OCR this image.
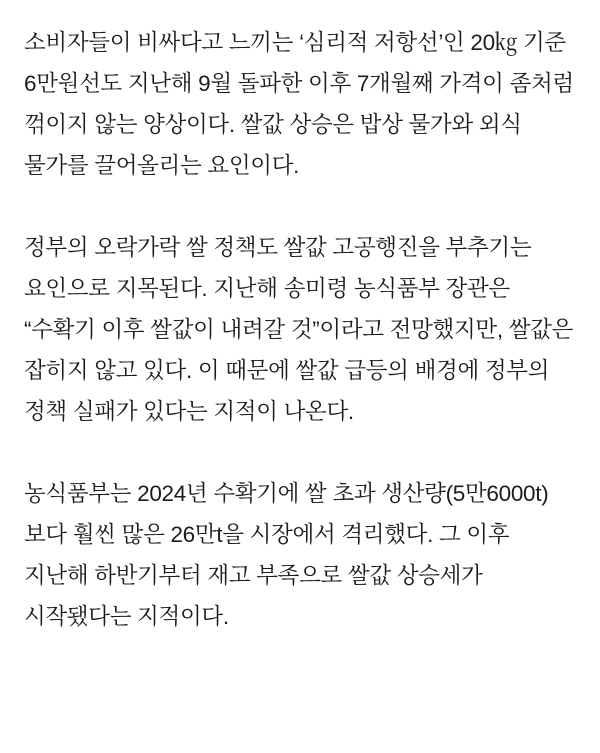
소비자들이 비싸다고 느끼는 ‘심리적 저항선’인 20㎏ 기준 6만원선도 지난해 9월 돌파한 이후 7개월째 가격이 좀처럼 꺾이지 않는 양상이다. 쌀값 상승은 밥상 물가와 외식 물가를 끌어올리는 요인이다.

정부의 오락가락 쌀 정책도 쌀값 고공행진을 부추기는 요인으로 지목된다. 지난해 송미령 농식품부 장관은 “수확기 이후 쌀값이 내려갈 것”이라고 전망했지만, 쌀값은 잡히지 않고 있다. 이 때문에 쌀값 급등의 배경에 정부의 정책 실패가 있다는 지적이 나온다.

농식품부는 2024년 수확기에 쌀 초과 생산량(5만6000t)보다 훨씬 많은 26만t을 시장에서 격리했다. 그 이후 지난해 하반기부터 재고 부족으로 쌀값 상승세가 시작됐다는 지적이다.
